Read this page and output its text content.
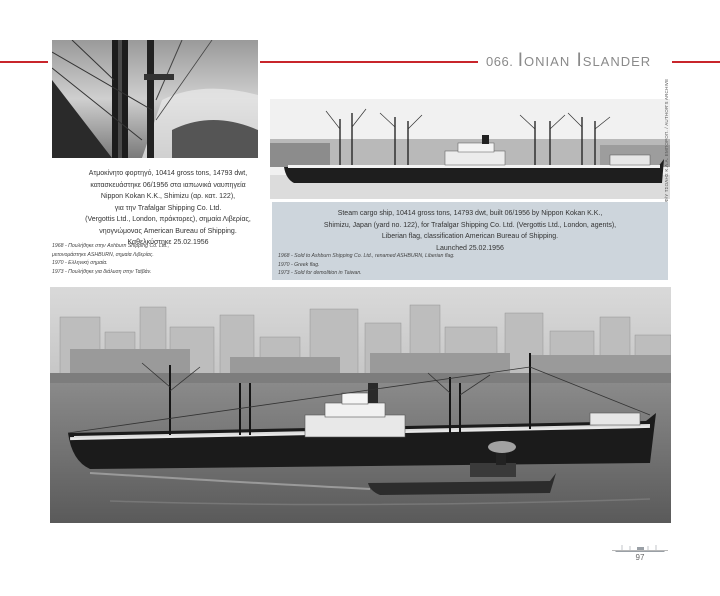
066. Ionian Islander
Φ/Υ ΤΣΟΛΗΣ Κ.Λ.Α. ΕΜΠΟΡΟΠ. / AUTHOR'S ARCHIVE
Ατμοκίνητο φορτηγό, 10414 gross tons, 14793 dwt,
κατασκευάστηκε 06/1956 στα ιαπωνικά ναυπηγεία
Nippon Kokan K.K., Shimizu (αρ. κατ. 122),
για την Trafalgar Shipping Co. Ltd.
(Vergottis Ltd., London, πράκτορες), σημαία Λιβερίας,
νηογνώμονας American Bureau of Shipping.
Καθελκύστηκε 25.02.1956
1968 - Πουλήθηκε στην Ashburn Shipping Co. Ltd.,
μετονομάστηκε ASHBURN, σημαία Λιβερίας.
1970 - Ελληνική σημαία.
1973 - Πουλήθηκε για διάλυση στην Ταϊβάν.
Steam cargo ship, 10414 gross tons, 14793 dwt, built 06/1956 by Nippon Kokan K.K.,
Shimizu, Japan (yard no. 122), for Trafalgar Shipping Co. Ltd. (Vergottis Ltd., London, agents),
Liberian flag, classification American Bureau of Shipping.
Launched 25.02.1956
1968 - Sold to Ashburn Shipping Co. Ltd., renamed ASHBURN, Liberian flag.
1970 - Greek flag.
1973 - Sold for demolition in Taiwan.
97
